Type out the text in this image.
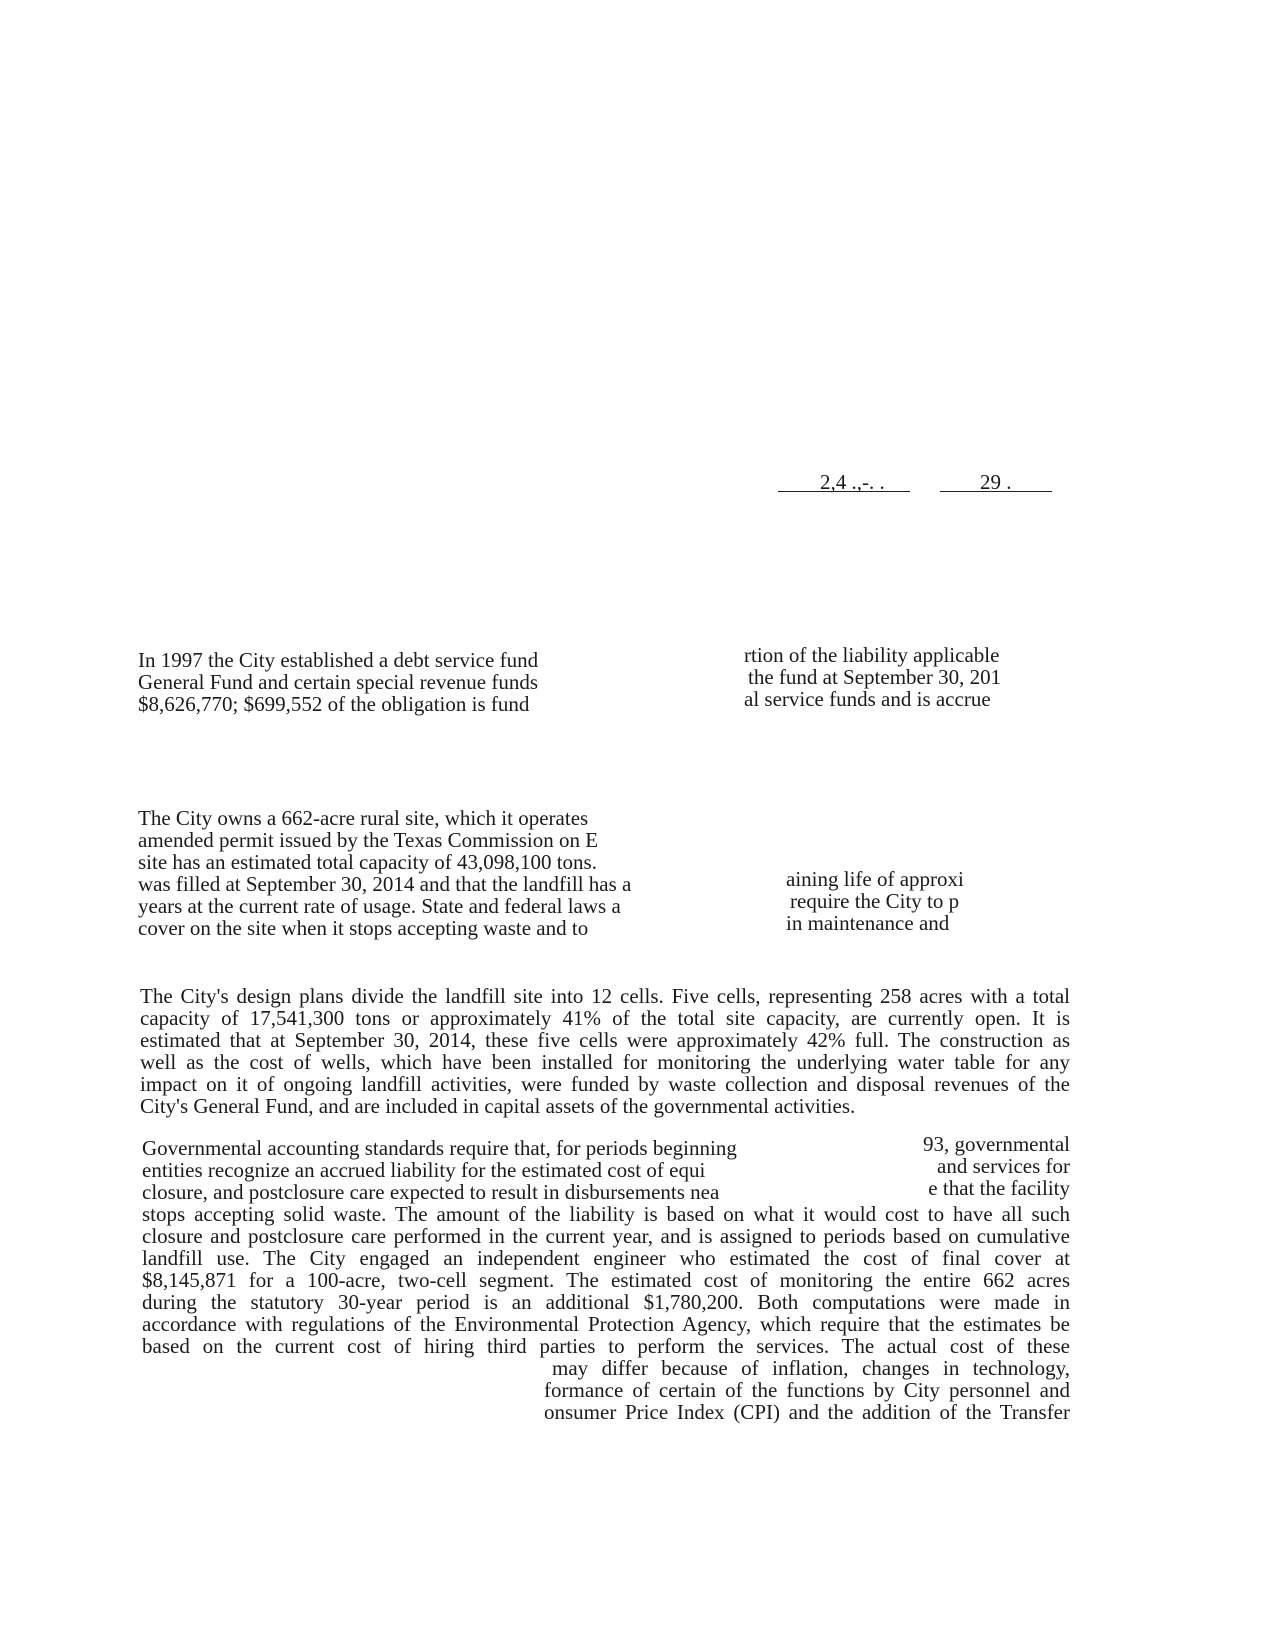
2,4 .,-. .	29 .
In 1997 the City established a debt service fund
General Fund and certain special revenue funds
$8,626,770; $699,552 of the obligation is fund
rtion of the liability applicable
the fund at September 30, 201
al service funds and is accrue
The City owns a 662-acre rural site, which it operates
amended permit issued by the Texas Commission on E
site has an estimated total capacity of 43,098,100 tons.
was filled at September 30, 2014 and that the landfill has a
years at the current rate of usage. State and federal laws a
cover on the site when it stops accepting waste and to
aining life of approxi
require the City to p
in maintenance and
The City's design plans divide the landfill site into 12 cells. Five cells, representing 258 acres with a total
capacity of 17,541,300 tons or approximately 41% of the total site capacity, are currently open. It is
estimated that at September 30, 2014, these five cells were approximately 42% full. The construction as
well as the cost of wells, which have been installed for monitoring the underlying water table for any
impact on it of ongoing landfill activities, were funded by waste collection and disposal revenues of the
City's General Fund, and are included in capital assets of the governmental activities.
Governmental accounting standards require that, for periods beginning
entities recognize an accrued liability for the estimated cost of equi
closure, and postclosure care expected to result in disbursements nea
93, governmental
and services for
e that the facility
stops accepting solid waste. The amount of the liability is based on what it would cost to have all such
closure and postclosure care performed in the current year, and is assigned to periods based on cumulative
landfill use. The City engaged an independent engineer who estimated the cost of final cover at
$8,145,871 for a 100-acre, two-cell segment. The estimated cost of monitoring the entire 662 acres
during the statutory 30-year period is an additional $1,780,200. Both computations were made in
accordance with regulations of the Environmental Protection Agency, which require that the estimates be
based on the current cost of hiring third parties to perform the services. The actual cost of these
may differ because of inflation, changes in technology,
formance of certain of the functions by City personnel and
onsumer Price Index (CPI) and the addition of the Transfer
